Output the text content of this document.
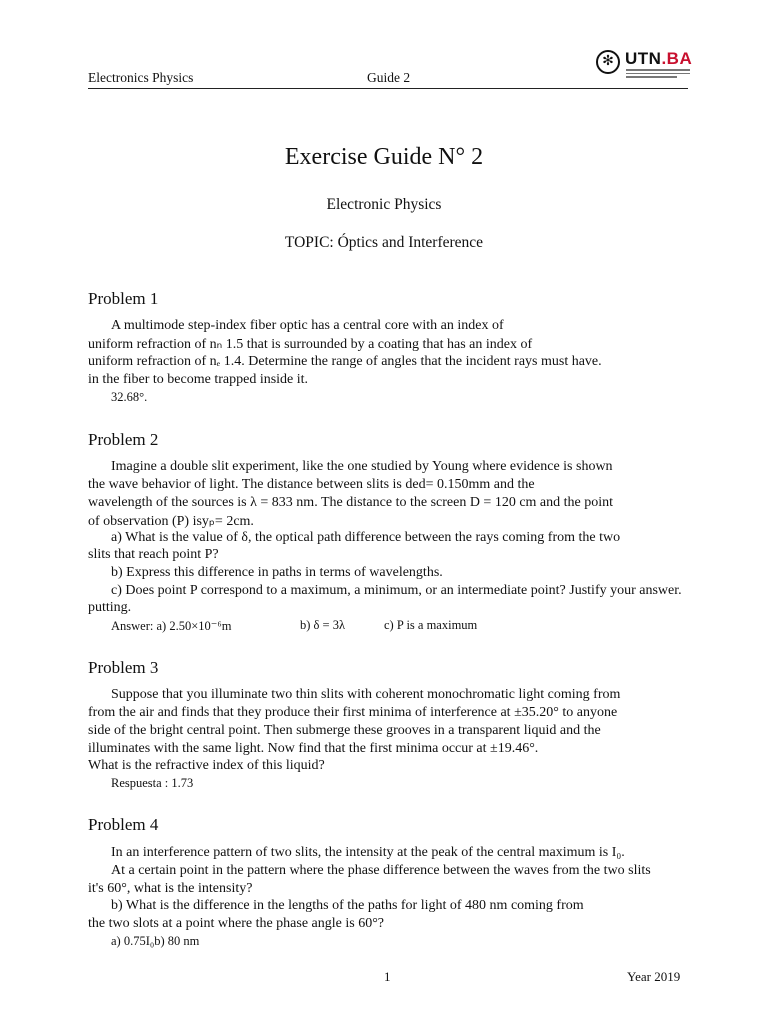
Electronics Physics	Guide 2
✻ UTN.BA
Exercise Guide N° 2
Electronic Physics
TOPIC: Óptics and Interference
Problem 1
A multimode step-index fiber optic has a central core with an index of
uniform refraction of nₙ 1.5 that is surrounded by a coating that has an index of
uniform refraction of nₑ 1.4. Determine the range of angles that the incident rays must have.
in the fiber to become trapped inside it.
32.68°.
Problem 2
Imagine a double slit experiment, like the one studied by Young where evidence is shown
the wave behavior of light. The distance between slits is ded= 0.150mm and the
wavelength of the sources is λ = 833 nm. The distance to the screen D = 120 cm and the point
of observation (P) isyₚ= 2cm.
a) What is the value of δ, the optical path difference between the rays coming from the two
slits that reach point P?
b) Express this difference in paths in terms of wavelengths.
c) Does point P correspond to a maximum, a minimum, or an intermediate point? Justify your answer.
putting.
Answer: a) 2.50×10⁻⁶m	b) δ = 3λ	c) P is a maximum
Problem 3
Suppose that you illuminate two thin slits with coherent monochromatic light coming from
from the air and finds that they produce their first minima of interference at ±35.20° to anyone
side of the bright central point. Then submerge these grooves in a transparent liquid and the
illuminates with the same light. Now find that the first minima occur at ±19.46°.
What is the refractive index of this liquid?
Respuesta : 1.73
Problem 4
In an interference pattern of two slits, the intensity at the peak of the central maximum is I₀.
At a certain point in the pattern where the phase difference between the waves from the two slits
it's 60°, what is the intensity?
b) What is the difference in the lengths of the paths for light of 480 nm coming from
the two slots at a point where the phase angle is 60°?
a) 0.75I₀b) 80 nm
1	Year 2019
